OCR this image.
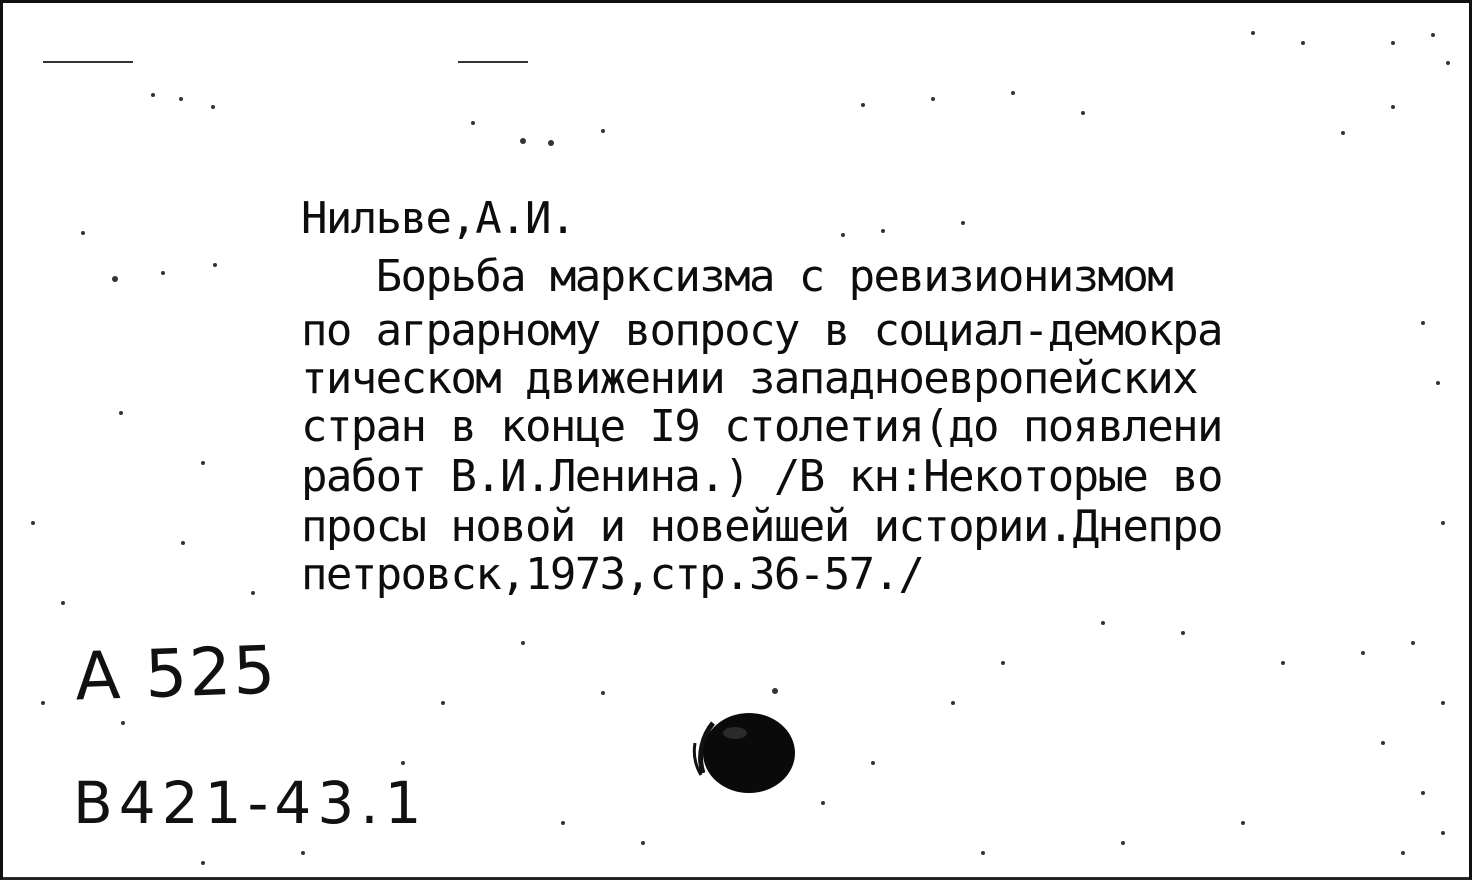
Нильве,А.И.
Борьба марксизма с ревизионизмом
по аграрному вопросу в социал-демокра
тическом движении западноевропейских
стран в конце I9 столетия(до появлени
работ В.И.Ленина.) /В кн:Некоторые во
просы новой и новейшей истории.Днепро
петровск,1973,стр.36-57./
А 525
В421-43.1
